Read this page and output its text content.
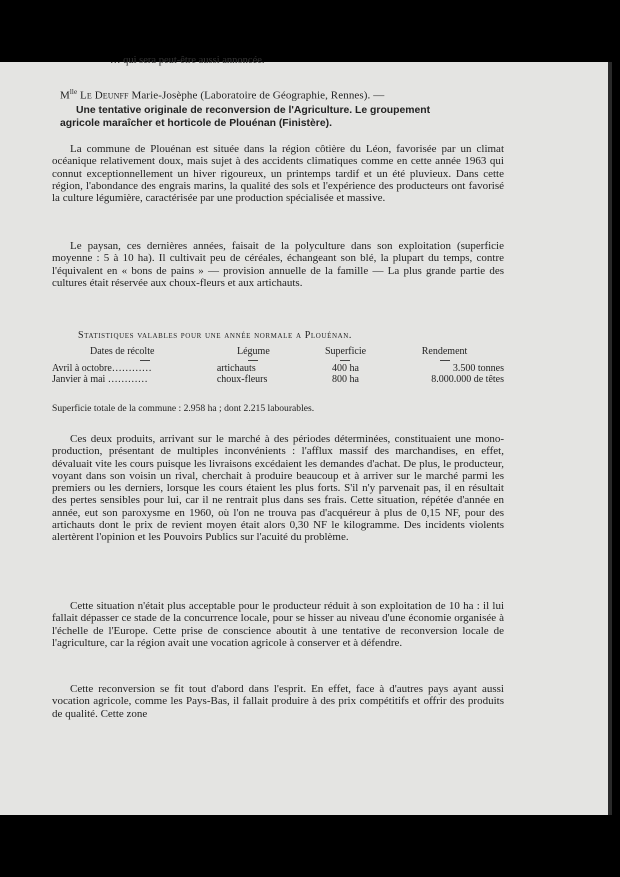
… qui sera peut-être aussi annoncée.

$M^{lle}$ Le Deunff Marie-Josèphe (Laboratoire de Géographie, Rennes). —

Une tentative originale de reconversion de l'Agriculture. Le groupement
agricole maraîcher et horticole de Plouénan (Finistère).

La commune de Plouénan est située dans la région côtière du Léon, favorisée par un climat océanique relativement doux, mais sujet à des accidents climatiques comme en cette année 1963 qui connut exceptionnellement un hiver rigoureux, un printemps tardif et un été pluvieux. Dans cette région, l'abondance des engrais marins, la qualité des sols et l'expérience des producteurs ont favorisé la culture légumière, caractérisée par une production spécialisée et massive.

Le paysan, ces dernières années, faisait de la polyculture dans son exploitation (superficie moyenne : 5 à 10 ha). Il cultivait peu de céréales, échangeant son blé, la plupart du temps, contre l'équivalent en « bons de pains » — provision annuelle de la famille — La plus grande partie des cultures était réservée aux choux-fleurs et aux artichauts.

Statistiques valables pour une année normale a Plouénan.
Dates de récolte	Légume	Superficie	Rendement

Avril à octobre…………	artichauts	400 ha	3.500 tonnes
Janvier à mai …………	choux-fleurs	800 ha	8.000.000 de têtes
Superficie totale de la commune : 2.958 ha ; dont 2.215 labourables.

Ces deux produits, arrivant sur le marché à des périodes déterminées, constituaient une mono-production, présentant de multiples inconvénients : l'afflux massif des marchandises, en effet, dévaluait vite les cours puisque les livraisons excédaient les demandes d'achat. De plus, le producteur, voyant dans son voisin un rival, cherchait à produire beaucoup et à arriver sur le marché parmi les premiers ou les derniers, lorsque les cours étaient les plus forts. S'il n'y parvenait pas, il en résultait des pertes sensibles pour lui, car il ne rentrait plus dans ses frais. Cette situation, répétée d'année en année, eut son paroxysme en 1960, où l'on ne trouva pas d'acquéreur à plus de 0,15 NF, pour des artichauts dont le prix de revient moyen était alors 0,30 NF le kilogramme. Des incidents violents alertèrent l'opinion et les Pouvoirs Publics sur l'acuité du problème.

Cette situation n'était plus acceptable pour le producteur réduit à son exploitation de 10 ha : il lui fallait dépasser ce stade de la concurrence locale, pour se hisser au niveau d'une économie organisée à l'échelle de l'Europe. Cette prise de conscience aboutit à une tentative de reconversion locale de l'agriculture, car la région avait une vocation agricole à conserver et à défendre.

Cette reconversion se fit tout d'abord dans l'esprit. En effet, face à d'autres pays ayant aussi vocation agricole, comme les Pays-Bas, il fallait produire à des prix compétitifs et offrir des produits de qualité. Cette zone
